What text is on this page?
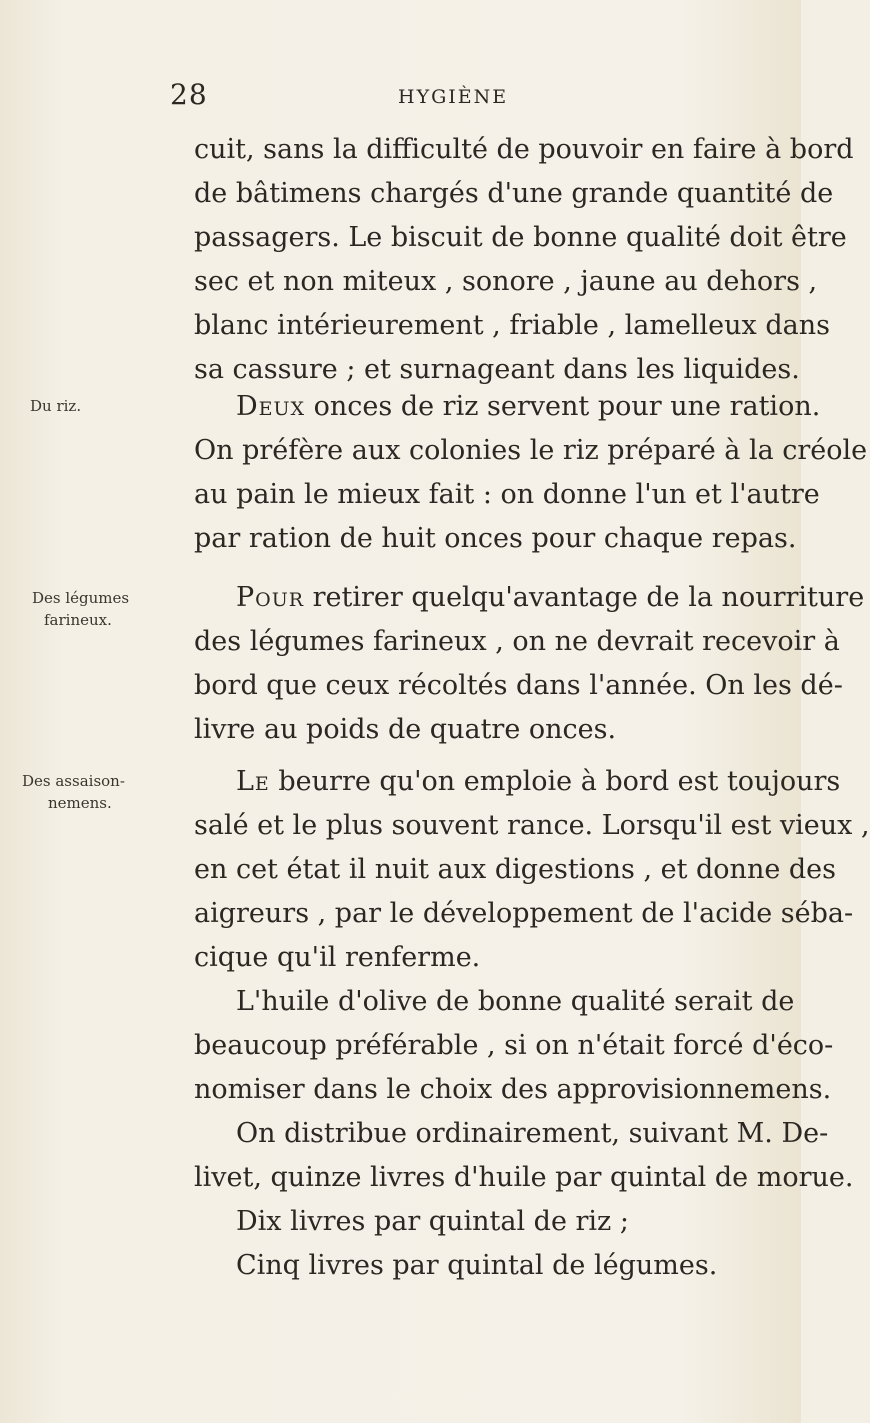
28	HYGIÈNE
cuit, sans la difficulté de pouvoir en faire à bord
de bâtimens chargés d'une grande quantité de
passagers. Le biscuit de bonne qualité doit être
sec et non miteux , sonore , jaune au dehors ,
blanc intérieurement , friable , lamelleux dans
sa cassure ; et surnageant dans les liquides.
Du riz.	Deux onces de riz servent pour une ration.
On préfère aux colonies le riz préparé à la créole
au pain le mieux fait : on donne l'un et l'autre
par ration de huit onces pour chaque repas.
Des légumes
farineux.
Pour retirer quelqu'avantage de la nourriture
des légumes farineux , on ne devrait recevoir à
bord que ceux récoltés dans l'année. On les dé-
livre au poids de quatre onces.
Des assaison-
nemens.
Le beurre qu'on emploie à bord est toujours
salé et le plus souvent rance. Lorsqu'il est vieux ,
en cet état il nuit aux digestions , et donne des
aigreurs , par le développement de l'acide séba-
cique qu'il renferme.
L'huile d'olive de bonne qualité serait de
beaucoup préférable , si on n'était forcé d'éco-
nomiser dans le choix des approvisionnemens.
On distribue ordinairement, suivant M. De-
livet, quinze livres d'huile par quintal de morue.
Dix livres par quintal de riz ;
Cinq livres par quintal de légumes.
